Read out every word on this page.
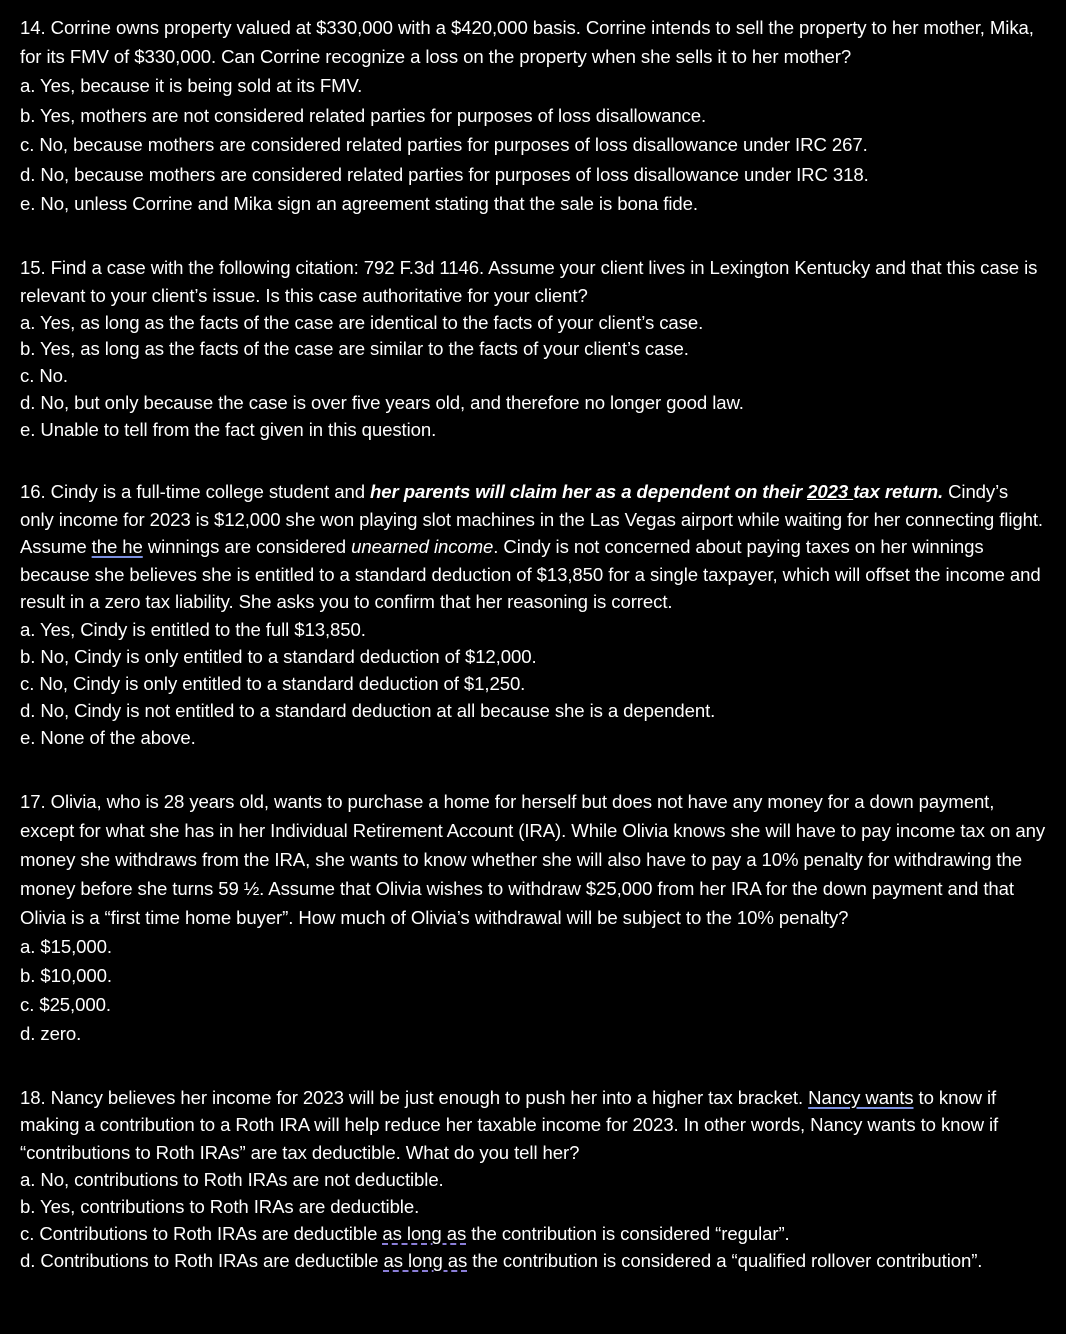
14. Corrine owns property valued at $330,000 with a $420,000 basis. Corrine intends to sell the property to her mother, Mika, for its FMV of $330,000. Can Corrine recognize a loss on the property when she sells it to her mother?

a. Yes, because it is being sold at its FMV.

b. Yes, mothers are not considered related parties for purposes of loss disallowance.

c. No, because mothers are considered related parties for purposes of loss disallowance under IRC 267.

d. No, because mothers are considered related parties for purposes of loss disallowance under IRC 318.

e. No, unless Corrine and Mika sign an agreement stating that the sale is bona fide.

15. Find a case with the following citation: 792 F.3d 1146. Assume your client lives in Lexington Kentucky and that this case is relevant to your client’s issue. Is this case authoritative for your client?

a. Yes, as long as the facts of the case are identical to the facts of your client’s case.

b. Yes, as long as the facts of the case are similar to the facts of your client’s case.

c. No.

d. No, but only because the case is over five years old, and therefore no longer good law.

e. Unable to tell from the fact given in this question.

16. Cindy is a full-time college student and her parents will claim her as a dependent on their 2023 tax return. Cindy’s only income for 2023 is $12,000 she won playing slot machines in the Las Vegas airport while waiting for her connecting flight. Assume the he winnings are considered unearned income. Cindy is not concerned about paying taxes on her winnings because she believes she is entitled to a standard deduction of $13,850 for a single taxpayer, which will offset the income and result in a zero tax liability. She asks you to confirm that her reasoning is correct.

a. Yes, Cindy is entitled to the full $13,850.

b. No, Cindy is only entitled to a standard deduction of $12,000.

c. No, Cindy is only entitled to a standard deduction of $1,250.

d. No, Cindy is not entitled to a standard deduction at all because she is a dependent.

e. None of the above.

17. Olivia, who is 28 years old, wants to purchase a home for herself but does not have any money for a down payment, except for what she has in her Individual Retirement Account (IRA). While Olivia knows she will have to pay income tax on any money she withdraws from the IRA, she wants to know whether she will also have to pay a 10% penalty for withdrawing the money before she turns 59 ½. Assume that Olivia wishes to withdraw $25,000 from her IRA for the down payment and that Olivia is a “first time home buyer”. How much of Olivia’s withdrawal will be subject to the 10% penalty?

a. $15,000.

b. $10,000.

c. $25,000.

d. zero.

18. Nancy believes her income for 2023 will be just enough to push her into a higher tax bracket. Nancy wants to know if making a contribution to a Roth IRA will help reduce her taxable income for 2023. In other words, Nancy wants to know if “contributions to Roth IRAs” are tax deductible. What do you tell her?

a. No, contributions to Roth IRAs are not deductible.

b. Yes, contributions to Roth IRAs are deductible.

c. Contributions to Roth IRAs are deductible as long as the contribution is considered “regular”.

d. Contributions to Roth IRAs are deductible as long as the contribution is considered a “qualified rollover contribution”.
